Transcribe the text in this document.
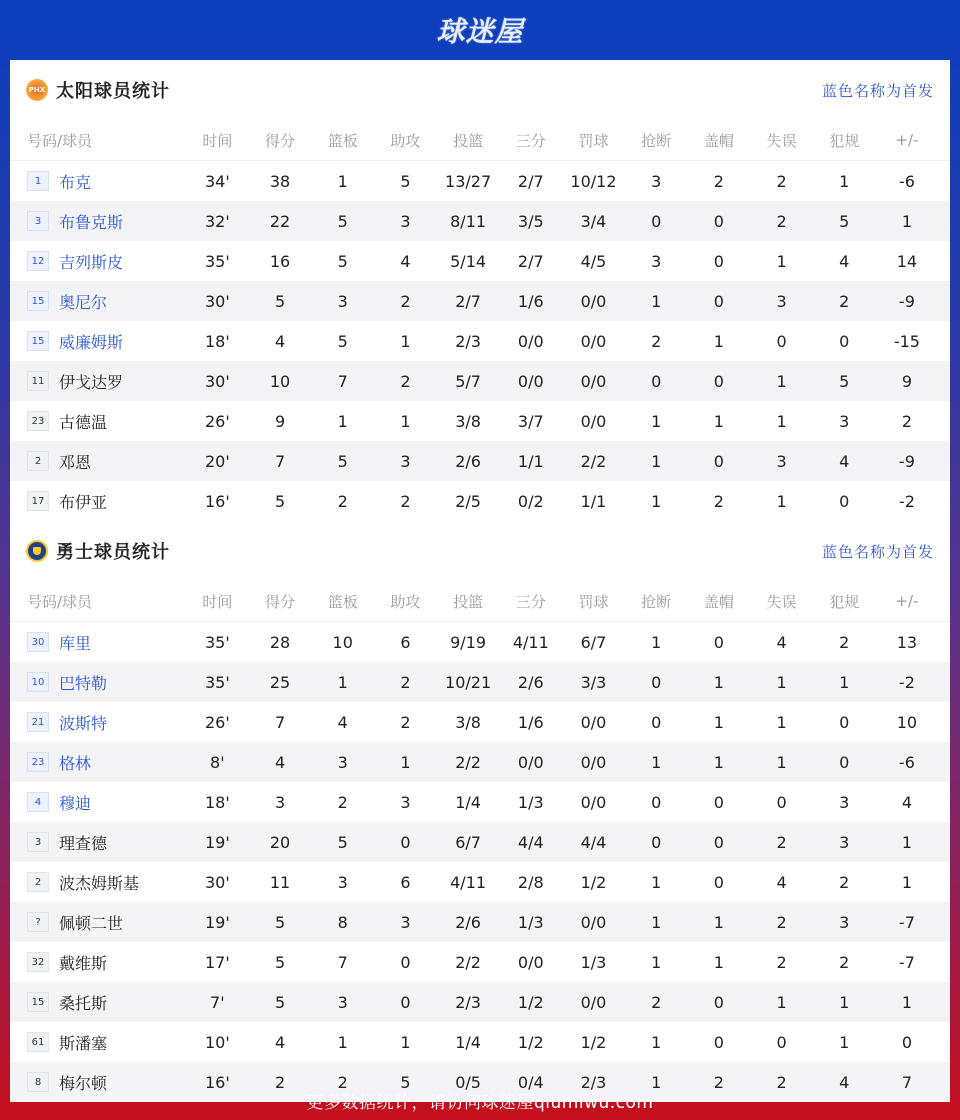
球迷屋
PHX 太阳球员统计	蓝色名称为首发
号码/球员	时间	得分	篮板	助攻	投篮	三分	罚球	抢断	盖帽	失误	犯规	+/-
1	布克	34'	38	1	5	13/27	2/7	10/12	3	2	2	1	-6
3	布鲁克斯	32'	22	5	3	8/11	3/5	3/4	0	0	2	5	1
12 吉列斯皮	35'	16	5	4	5/14	2/7	4/5	3	0	1	4	14
15 奥尼尔	30'	5	3	2	2/7	1/6	0/0	1	0	3	2	-9
15 威廉姆斯	18'	4	5	1	2/3	0/0	0/0	2	1	0	0	-15
11 伊戈达罗	30'	10	7	2	5/7	0/0	0/0	0	0	1	5	9
23 古德温	26'	9	1	1	3/8	3/7	0/0	1	1	1	3	2
2	邓恩	20'	7	5	3	2/6	1/1	2/2	1	0	3	4	-9
17 布伊亚	16'	5	2	2	2/5	0/2	1/1	1	2	1	0	-2
勇士球员统计	蓝色名称为首发
号码/球员	时间	得分	篮板	助攻	投篮	三分	罚球	抢断	盖帽	失误	犯规	+/-
30 库里	35'	28	10	6	9/19	4/11	6/7	1	0	4	2	13
10 巴特勒	35'	25	1	2	10/21	2/6	3/3	0	1	1	1	-2
21 波斯特	26'	7	4	2	3/8	1/6	0/0	0	1	1	0	10
23 格林	8'	4	3	1	2/2	0/0	0/0	1	1	1	0	-6
4	穆迪	18'	3	2	3	1/4	1/3	0/0	0	0	0	3	4
3	理查德	19'	20	5	0	6/7	4/4	4/4	0	0	2	3	1
2	波杰姆斯基	30'	11	3	6	4/11	2/8	1/2	1	0	4	2	1
?	佩顿二世	19'	5	8	3	2/6	1/3	0/0	1	1	2	3	-7
32 戴维斯	17'	5	7	0	2/2	0/0	1/3	1	1	2	2	-7
15 桑托斯	7'	5	3	0	2/3	1/2	0/0	2	0	1	1	1
61 斯潘塞	10'	4	1	1	1/4	1/2	1/2	1	0	0	1	0
8	梅尔顿	16'	2	2	5	0/5	0/4	2/3	1	2	2	4	7
更多数据统计，请访问球迷屋qiumiwu.com
